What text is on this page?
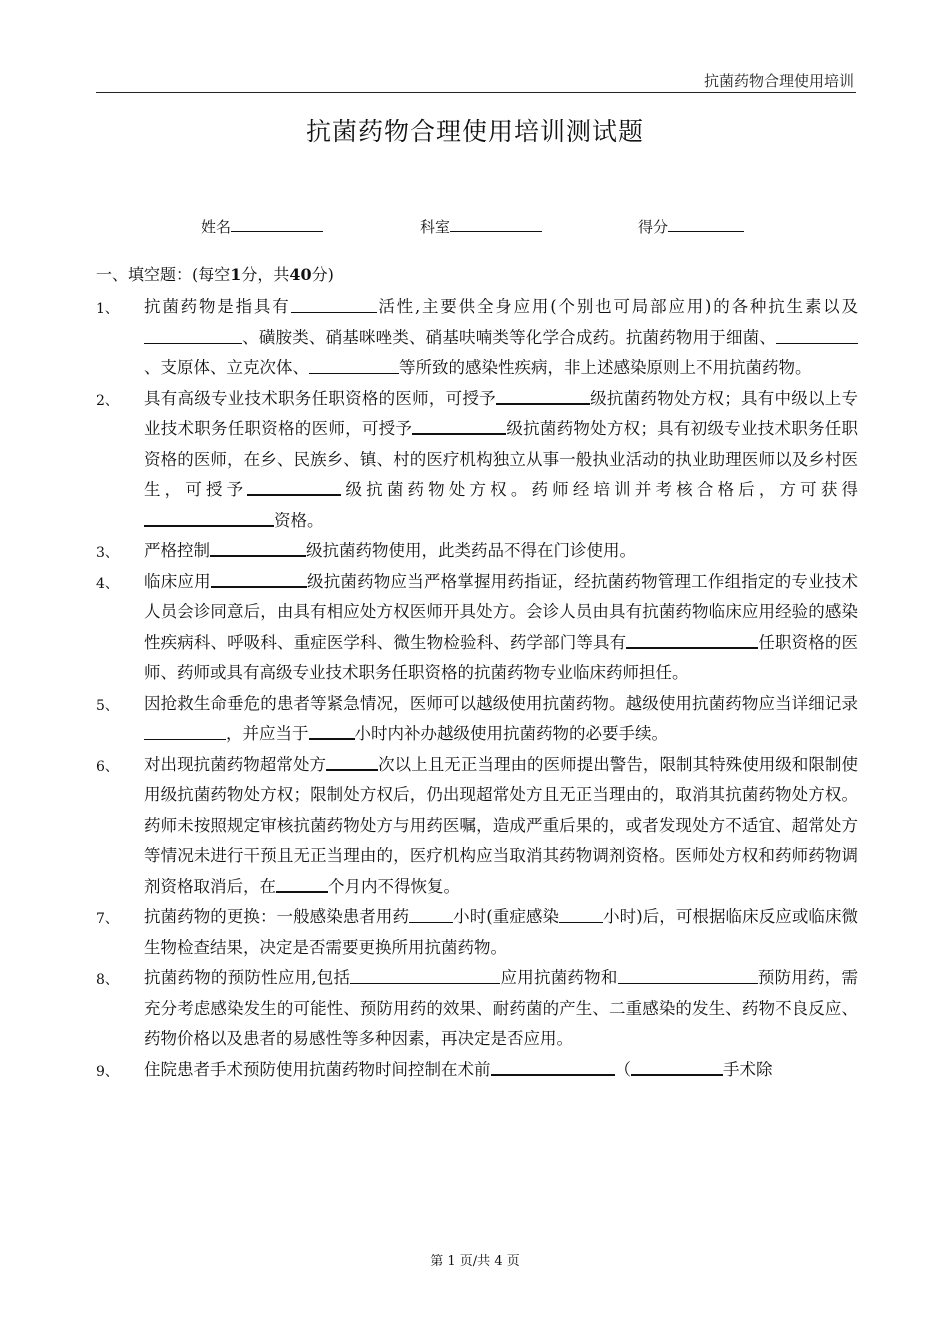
抗菌药物合理使用培训
抗菌药物合理使用培训测试题
姓名	科室	得分
一、填空题：(每空1分，共40分)
1、 抗菌药物是指具有	活性,主要供全身应用(个别也可局部应用)的各种抗生素以及、磺胺类、硝基咪唑类、硝基呋喃类等化学合成药。抗菌药物用于细菌、、支原体、立克次体、	等所致的感染性疾病，非上述感染原则上不用抗菌药物。
2、 具有高级专业技术职务任职资格的医师，可授予	级抗菌药物处方权；具有中级以上专业技术职务任职资格的医师，可授予	级抗菌药物处方权；具有初级专业技术职务任职资格的医师，在乡、民族乡、镇、村的医疗机构独立从事一般执业活动的执业助理医师以及乡村医生，可授予	级抗菌药物处方权。药师经培训并考核合格后，方可获得资格。
3、 严格控制	级抗菌药物使用，此类药品不得在门诊使用。
4、 临床应用	级抗菌药物应当严格掌握用药指证，经抗菌药物管理工作组指定的专业技术人员会诊同意后，由具有相应处方权医师开具处方。会诊人员由具有抗菌药物临床应用经验的感染性疾病科、呼吸科、重症医学科、微生物检验科、药学部门等具有	任职资格的医师、药师或具有高级专业技术职务任职资格的抗菌药物专业临床药师担任。
5、 因抢救生命垂危的患者等紧急情况，医师可以越级使用抗菌药物。越级使用抗菌药物应当详细记录，并应当于	小时内补办越级使用抗菌药物的必要手续。
6、 对出现抗菌药物超常处方	次以上且无正当理由的医师提出警告，限制其特殊使用级和限制使用级抗菌药物处方权；限制处方权后，仍出现超常处方且无正当理由的，取消其抗菌药物处方权。药师未按照规定审核抗菌药物处方与用药医嘱，造成严重后果的，或者发现处方不适宜、超常处方等情况未进行干预且无正当理由的，医疗机构应当取消其药物调剂资格。医师处方权和药师药物调剂资格取消后，在	个月内不得恢复。
7、 抗菌药物的更换：一般感染患者用药	小时(重症感染	小时)后，可根据临床反应或临床微生物检查结果，决定是否需要更换所用抗菌药物。
8、 抗菌药物的预防性应用,包括	应用抗菌药物和	预防用药，需充分考虑感染发生的可能性、预防用药的效果、耐药菌的产生、二重感染的发生、药物不良反应、药物价格以及患者的易感性等多种因素，再决定是否应用。
9、 住院患者手术预防使用抗菌药物时间控制在术前	（	手术除
第 1 页/共 4 页
